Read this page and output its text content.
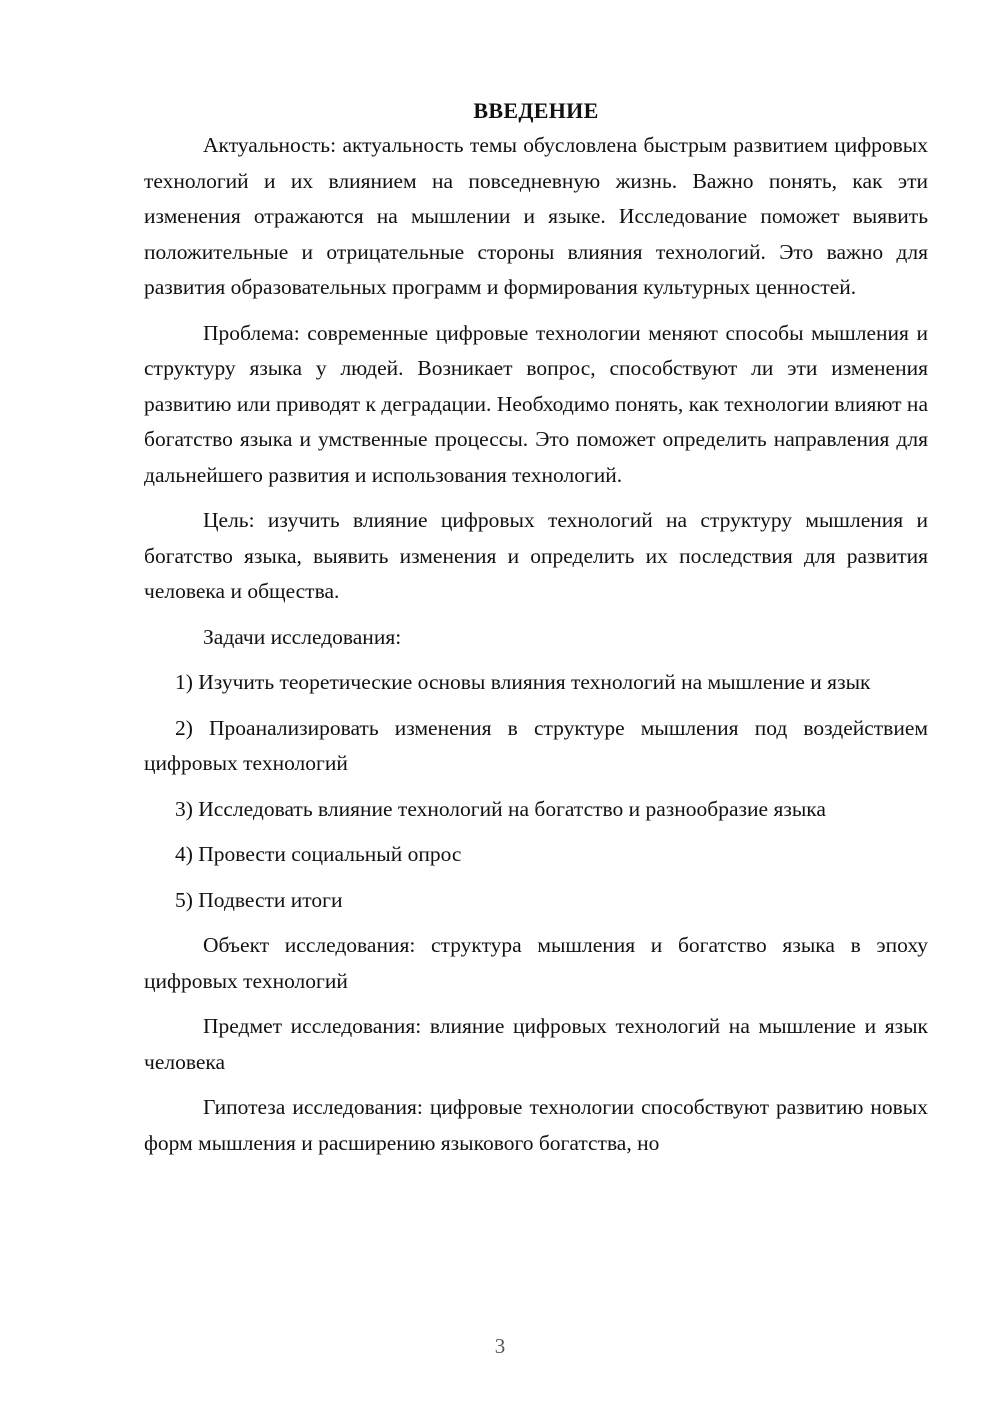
ВВЕДЕНИЕ

Актуальность: актуальность темы обусловлена быстрым развитием цифровых технологий и их влиянием на повседневную жизнь. Важно понять, как эти изменения отражаются на мышлении и языке. Исследование поможет выявить положительные и отрицательные стороны влияния технологий. Это важно для развития образовательных программ и формирования культурных ценностей.

Проблема: современные цифровые технологии меняют способы мышления и структуру языка у людей. Возникает вопрос, способствуют ли эти изменения развитию или приводят к деградации. Необходимо понять, как технологии влияют на богатство языка и умственные процессы. Это поможет определить направления для дальнейшего развития и использования технологий.

Цель: изучить влияние цифровых технологий на структуру мышления и богатство языка, выявить изменения и определить их последствия для развития человека и общества.

Задачи исследования:

1) Изучить теоретические основы влияния технологий на мышление и язык

2) Проанализировать изменения в структуре мышления под воздействием цифровых технологий

3) Исследовать влияние технологий на богатство и разнообразие языка

4) Провести социальный опрос

5) Подвести итоги

Объект исследования: структура мышления и богатство языка в эпоху цифровых технологий

Предмет исследования: влияние цифровых технологий на мышление и язык человека

Гипотеза исследования: цифровые технологии способствуют развитию новых форм мышления и расширению языкового богатства, но

3
